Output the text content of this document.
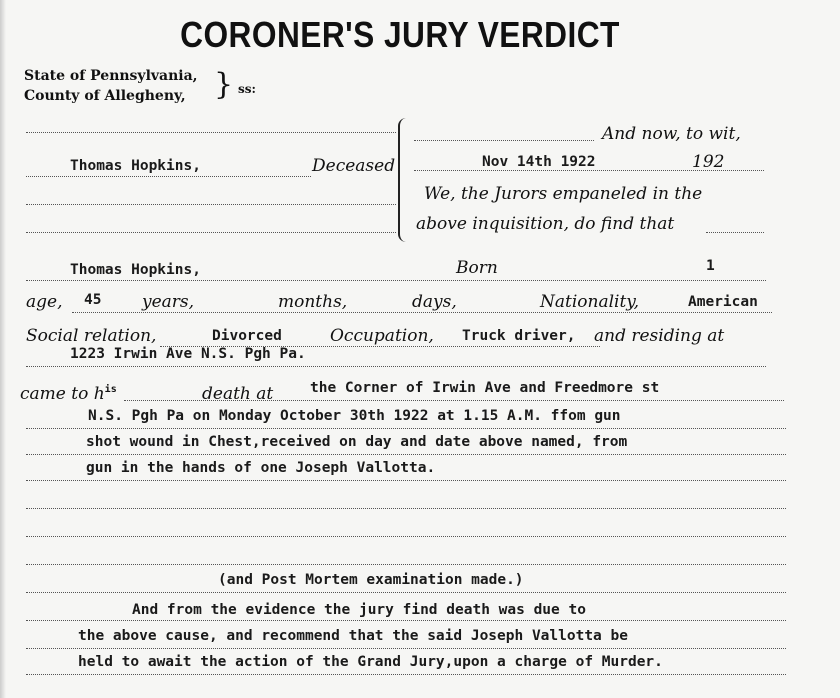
CORONER'S JURY VERDICT
State of Pennsylvania,
County of Allegheny, } ss:
And now, to wit,
Thomas Hopkins,	Deceased	Nov 14th 1922	192
We, the Jurors empaneled in the
above inquisition, do find that
Thomas Hopkins,	Born	1
age, 45 years,	months,	days,	Nationality,	American
Social relation,	Divorced	Occupation, Truck driver, and residing at
1223 Irwin Ave N.S. Pgh Pa.
came to $h^{is}$	death at	the Corner of Irwin Ave and Freedmore st
N.S. Pgh Pa on Monday October 30th 1922 at 1.15 A.M. ffom gun
shot wound in Chest,received on day and date above named, from
gun in the hands of one Joseph Vallotta.
(and Post Mortem examination made.)
And from the evidence the jury find death was due to
the above cause, and recommend that the said Joseph Vallotta be
held to await the action of the Grand Jury,upon a charge of Murder.
